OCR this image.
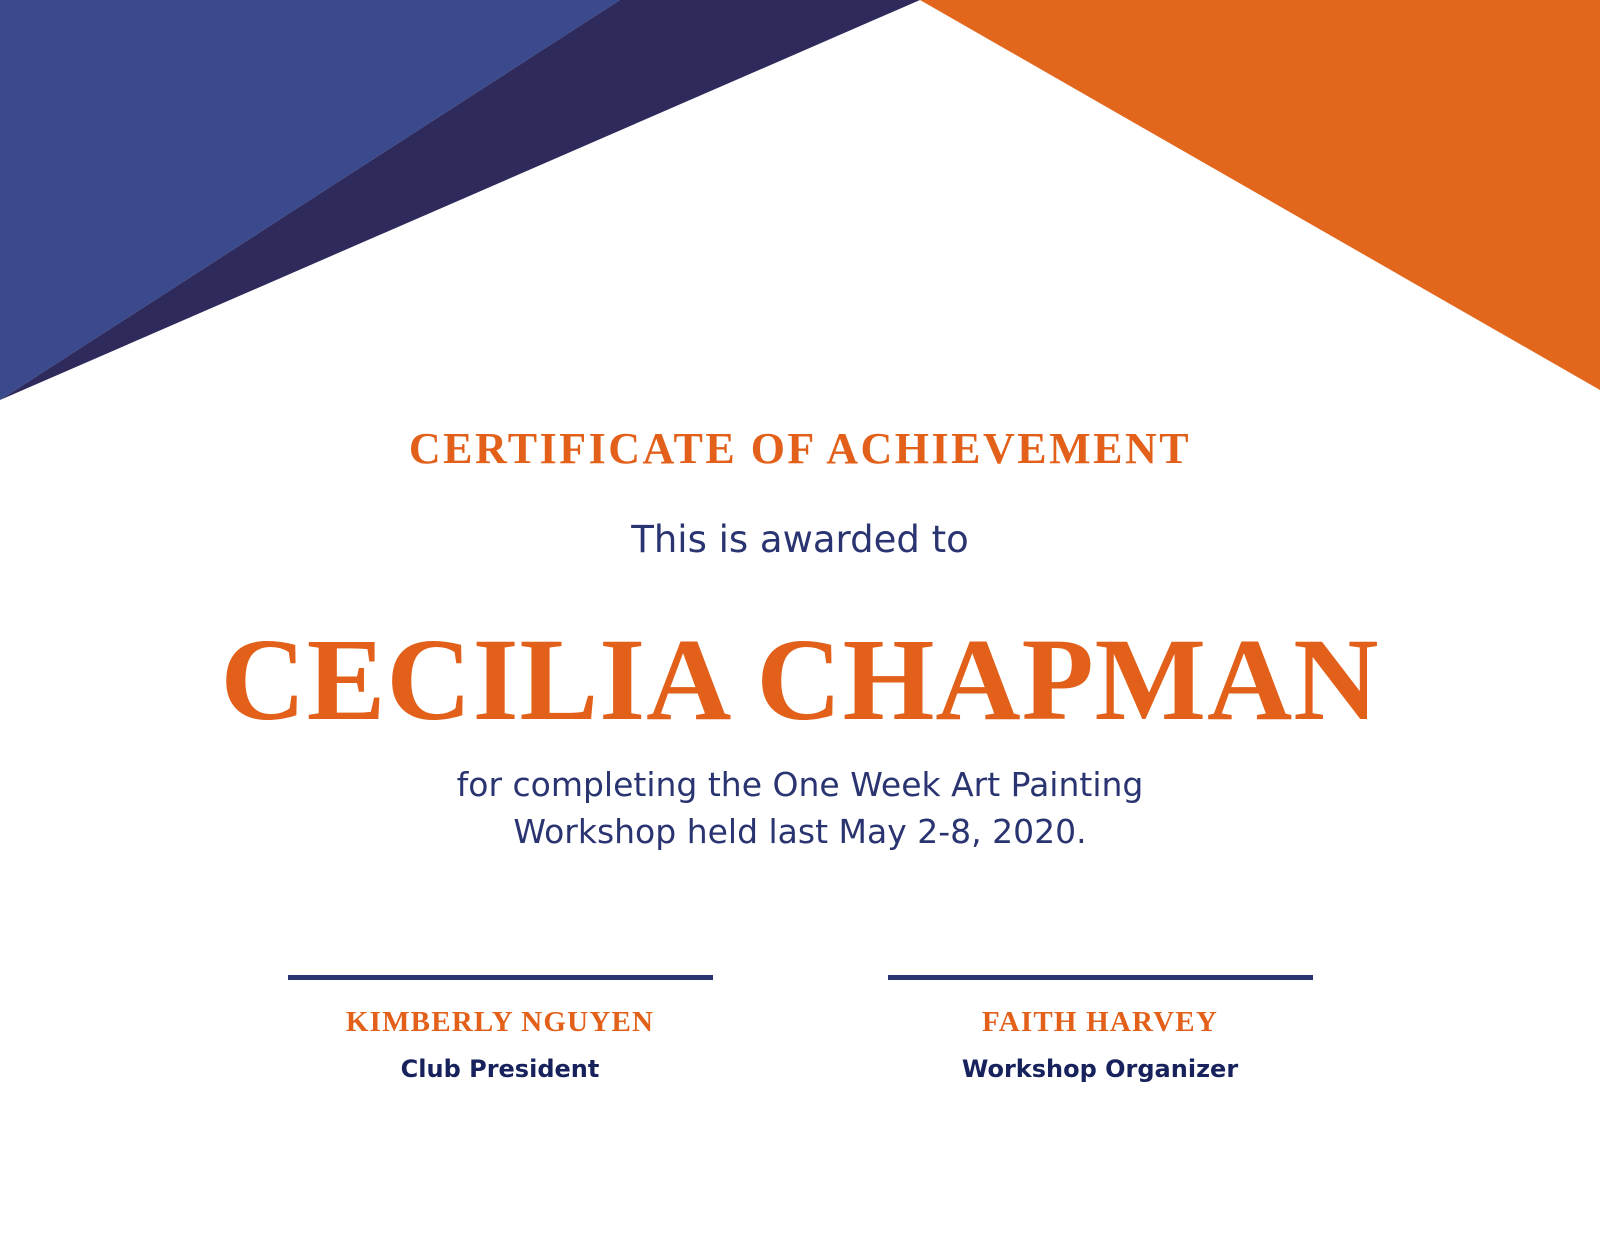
CERTIFICATE OF ACHIEVEMENT
This is awarded to
CECILIA CHAPMAN
for completing the One Week Art Painting
Workshop held last May 2-8, 2020.
KIMBERLY NGUYEN
Club President
FAITH HARVEY
Workshop Organizer
